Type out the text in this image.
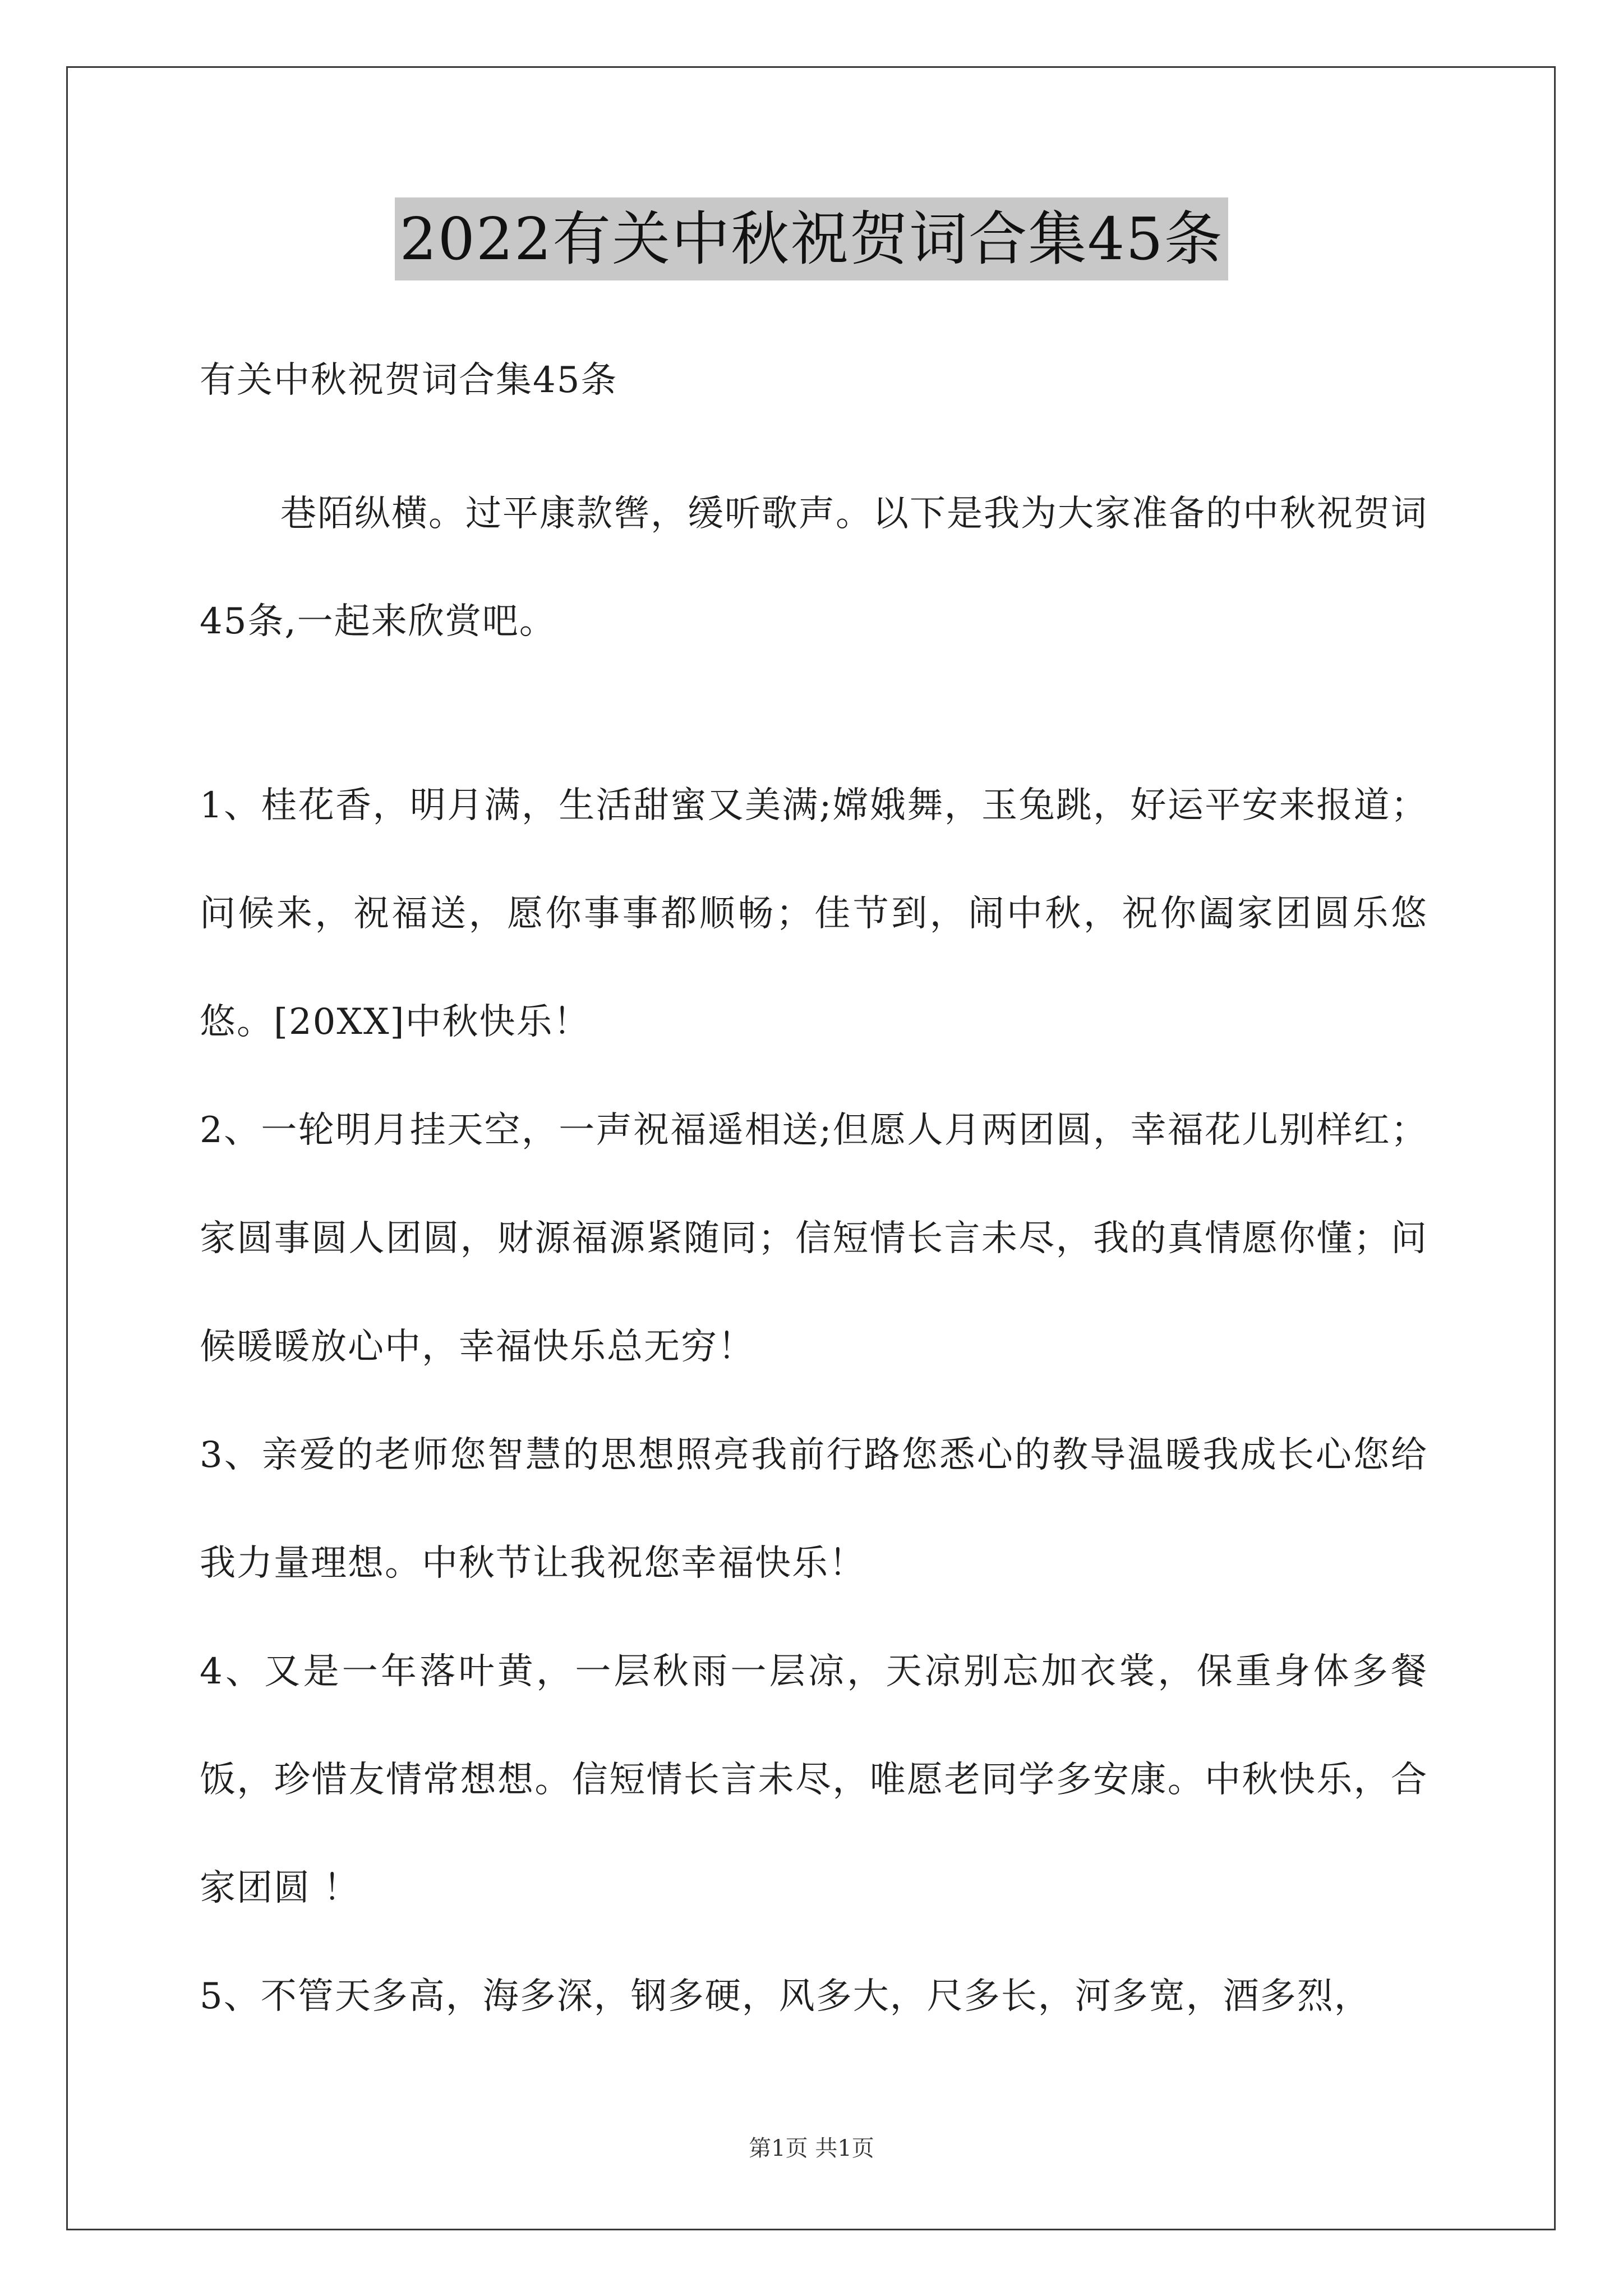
2022有关中秋祝贺词合集45条
有关中秋祝贺词合集45条
巷陌纵横。过平康款辔，缓听歌声。以下是我为大家准备的中秋祝贺词45条,一起来欣赏吧。

1、桂花香，明月满，生活甜蜜又美满;嫦娥舞，玉兔跳，好运平安来报道；问候来，祝福送，愿你事事都顺畅；佳节到，闹中秋，祝你阖家团圆乐悠悠。[20XX]中秋快乐！

2、一轮明月挂天空，一声祝福遥相送;但愿人月两团圆，幸福花儿别样红；家圆事圆人团圆，财源福源紧随同；信短情长言未尽，我的真情愿你懂；问候暖暖放心中，幸福快乐总无穷！

3、亲爱的老师您智慧的思想照亮我前行路您悉心的教导温暖我成长心您给我力量理想。中秋节让我祝您幸福快乐！

4、又是一年落叶黄，一层秋雨一层凉，天凉别忘加衣裳，保重身体多餐饭，珍惜友情常想想。信短情长言未尽，唯愿老同学多安康。中秋快乐，合家团圆 ！

5、不管天多高，海多深，钢多硬，风多大，尺多长，河多宽，酒多烈，

第1页 共1页
